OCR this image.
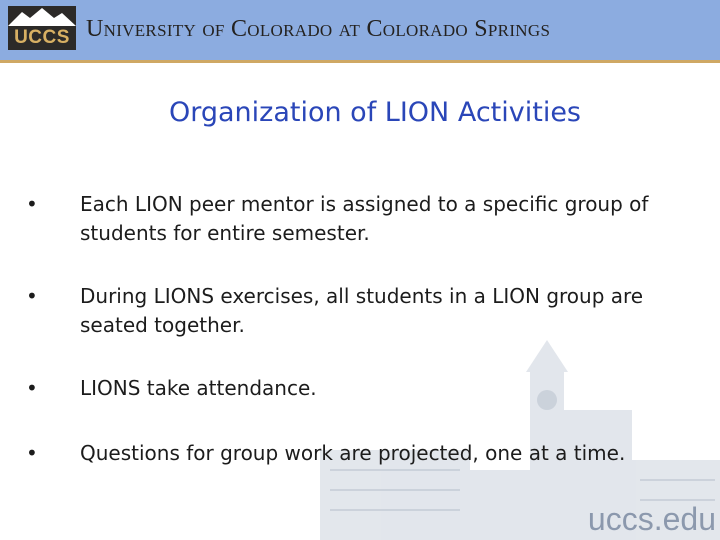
UCCS University of Colorado at Colorado Springs
Organization of LION Activities
• Each LION peer mentor is assigned to a specific group of students for entire semester.
• During LIONS exercises, all students in a LION group are seated together.
• LIONS take attendance.
• Questions for group work are projected, one at a time.
uccs.edu
